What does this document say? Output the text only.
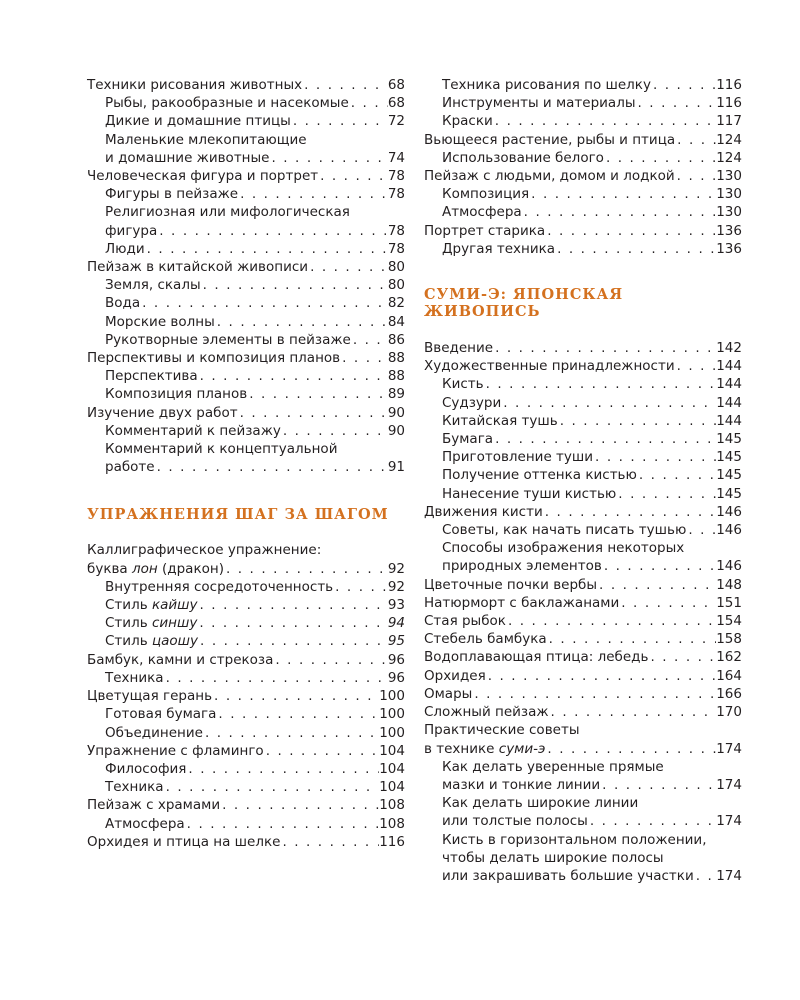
Техники рисования животных . . .	68
Рыбы, ракообразные и насекомые . . .	68
Дикие и домашние птицы . . .	72
Маленькие млекопитающие
и домашние животные . . .	74
Человеческая фигура и портрет . . .	78
Фигуры в пейзаже . . .	78
Религиозная или мифологическая
фигура . . .	78
Люди . . .	78
Пейзаж в китайской живописи . . .	80
Земля, скалы . . .	80
Вода . . .	82
Морские волны . . .	84
Рукотворные элементы в пейзаже . . .	86
Перспективы и композиция планов . . .	88
Перспектива . . .	88
Композиция планов . . .	89
Изучение двух работ . . .	90
Комментарий к пейзажу . . .	90
Комментарий к концептуальной
работе . . .	91
УПРАЖНЕНИЯ ШАГ ЗА ШАГОМ
Каллиграфическое упражнение:
буква лон (дракон) . . .	92
Внутренняя сосредоточенность . . .	92
Стиль кайшу . . .	93
Стиль синшу . . .	94
Стиль цаошу . . .	95
Бамбук, камни и стрекоза . . .	96
Техника . . .	96
Цветущая герань . . .	100
Готовая бумага . . .	100
Объединение . . .	100
Упражнение с фламинго . . .	104
Философия . . .	104
Техника . . .	104
Пейзаж с храмами . . .	108
Атмосфера . . .	108
Орхидея и птица на шелке . . .	116
Техника рисования по шелку . . .	116
Инструменты и материалы . . .	116
Краски . . .	117
Вьющееся растение, рыбы и птица . . .	124
Использование белого . . .	124
Пейзаж с людьми, домом и лодкой . . .	130
Композиция . . .	130
Атмосфера . . .	130
Портрет старика . . .	136
Другая техника . . .	136
СУМИ-Э: ЯПОНСКАЯ ЖИВОПИСЬ
Введение . . .	142
Художественные принадлежности . . .	144
Кисть . . .	144
Судзури . . .	144
Китайская тушь . . .	144
Бумага . . .	145
Приготовление туши . . .	145
Получение оттенка кистью . . .	145
Нанесение туши кистью . . .	145
Движения кисти . . .	146
Советы, как начать писать тушью . . . 146
Способы изображения некоторых
природных элементов . . .	146
Цветочные почки вербы . . .	148
Натюрморт с баклажанами . . .	151
Стая рыбок . . .	154
Стебель бамбука . . .	158
Водоплавающая птица: лебедь . . .	162
Орхидея . . .	164
Омары . . .	166
Сложный пейзаж . . .	170
Практические советы
в технике суми-э . . .	174
Как делать уверенные прямые
мазки и тонкие линии . . .	174
Как делать широкие линии
или толстые полосы . . .	174
Кисть в горизонтальном положении,
чтобы делать широкие полосы
или закрашивать большие участки . . . 174
